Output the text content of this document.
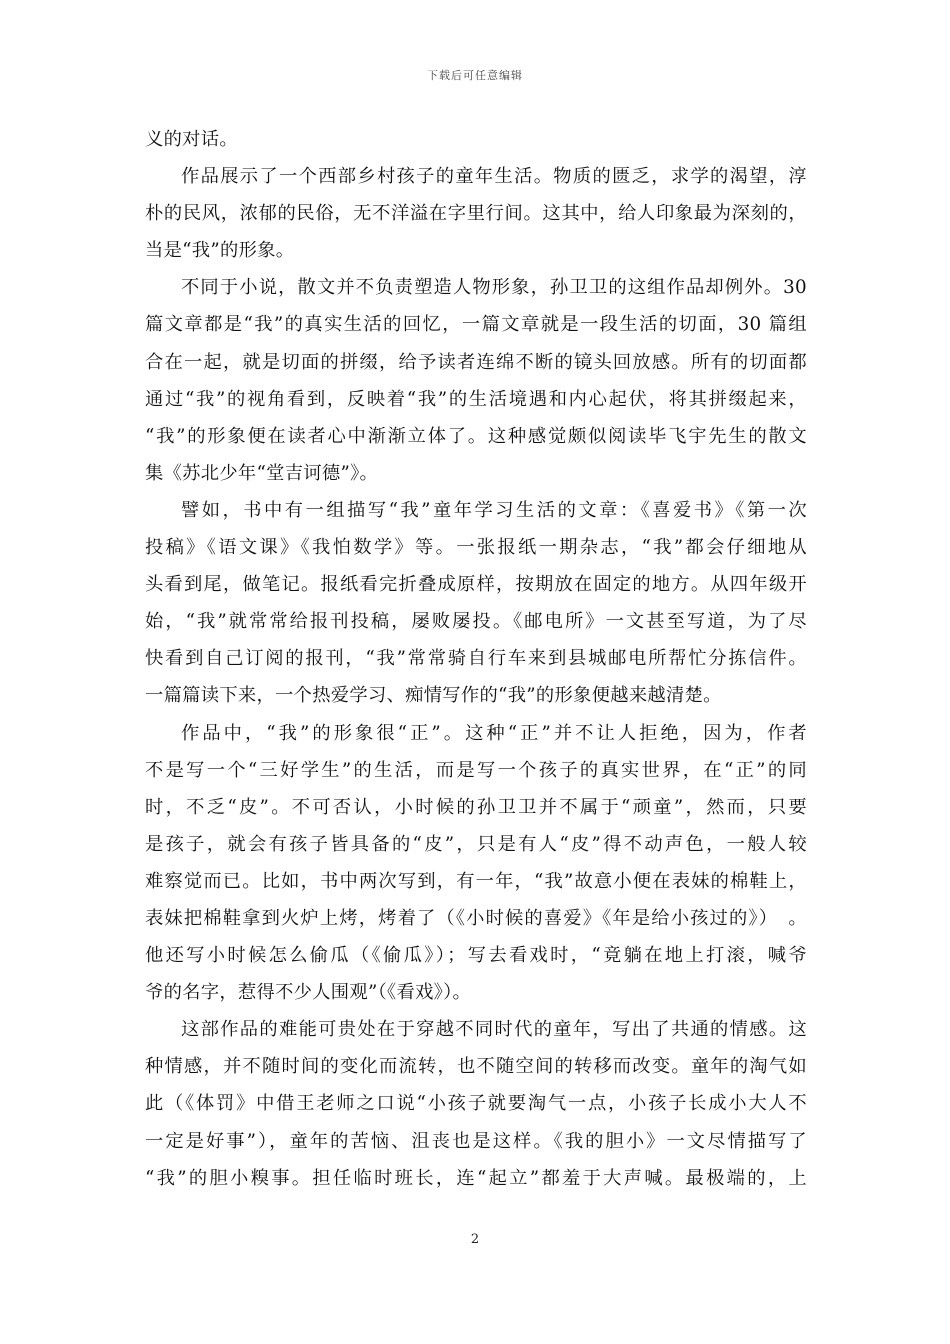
下载后可任意编辑
义的对话。
作品展示了一个西部乡村孩子的童年生活。物质的匮乏，求学的渴望，淳
朴的民风，浓郁的民俗，无不洋溢在字里行间。这其中，给人印象最为深刻的，
当是“我”的形象。
不同于小说，散文并不负责塑造人物形象，孙卫卫的这组作品却例外。30
篇文章都是“我”的真实生活的回忆，一篇文章就是一段生活的切面，30 篇组
合在一起，就是切面的拼缀，给予读者连绵不断的镜头回放感。所有的切面都
通过“我”的视角看到，反映着“我”的生活境遇和内心起伏，将其拼缀起来，
“我”的形象便在读者心中渐渐立体了。这种感觉颇似阅读毕飞宇先生的散文
集《苏北少年“堂吉诃德”》。
譬如，书中有一组描写“我”童年学习生活的文章：《喜爱书》《第一次
投稿》《语文课》《我怕数学》等。一张报纸一期杂志，“我”都会仔细地从
头看到尾，做笔记。报纸看完折叠成原样，按期放在固定的地方。从四年级开
始，“我”就常常给报刊投稿，屡败屡投。《邮电所》一文甚至写道，为了尽
快看到自己订阅的报刊，“我”常常骑自行车来到县城邮电所帮忙分拣信件。
一篇篇读下来，一个热爱学习、痴情写作的“我”的形象便越来越清楚。
作品中，“我”的形象很“正”。这种“正”并不让人拒绝，因为，作者
不是写一个“三好学生”的生活，而是写一个孩子的真实世界，在“正”的同
时，不乏“皮”。不可否认，小时候的孙卫卫并不属于“顽童”，然而，只要
是孩子，就会有孩子皆具备的“皮”，只是有人“皮”得不动声色，一般人较
难察觉而已。比如，书中两次写到，有一年，“我”故意小便在表妹的棉鞋上，
表妹把棉鞋拿到火炉上烤，烤着了（《小时候的喜爱》《年是给小孩过的》）　。
他还写小时候怎么偷瓜（《偷瓜》）；写去看戏时，“竟躺在地上打滚，喊爷
爷的名字，惹得不少人围观”（《看戏》）。
这部作品的难能可贵处在于穿越不同时代的童年，写出了共通的情感。这
种情感，并不随时间的变化而流转，也不随空间的转移而改变。童年的淘气如
此（《体罚》中借王老师之口说“小孩子就要淘气一点，小孩子长成小大人不
一定是好事”），童年的苦恼、沮丧也是这样。《我的胆小》一文尽情描写了
“我”的胆小糗事。担任临时班长，连“起立”都羞于大声喊。最极端的，上
2
